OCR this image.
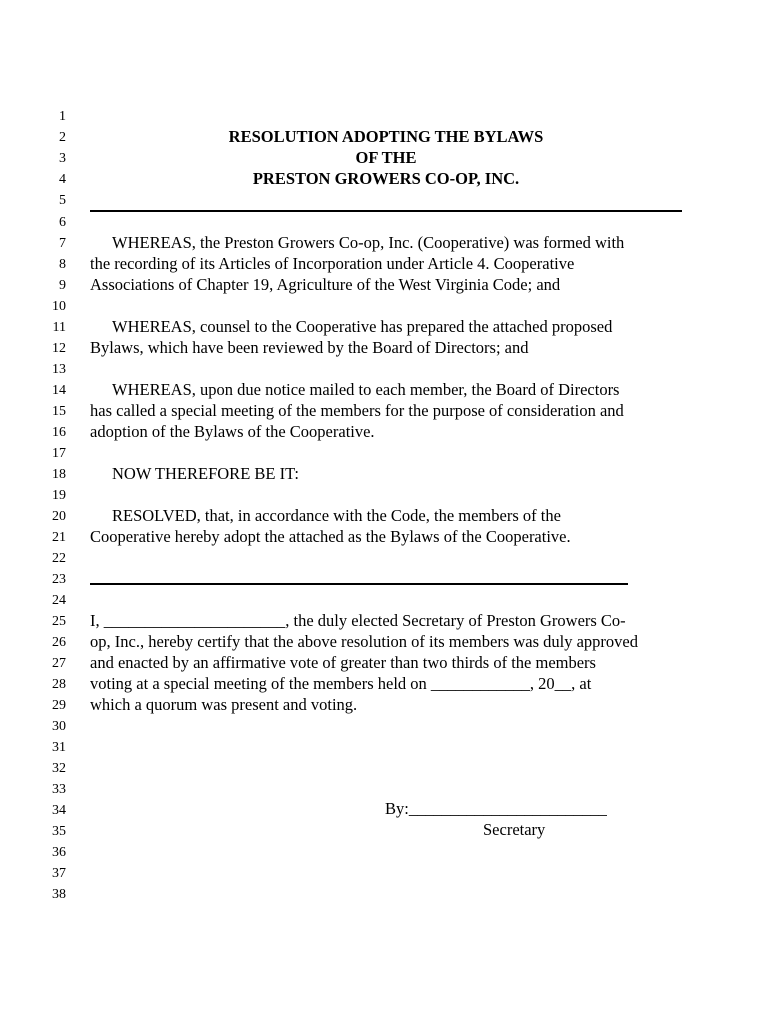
1
2
3
4
5
6
7
8
9
10
11
12
13
14
15
16
17
18
19
20
21
22
23
24
25
26
27
28
29
30
31
32
33
34
35
36
37
38
RESOLUTION ADOPTING THE BYLAWS
OF THE
PRESTON GROWERS CO-OP, INC.
WHEREAS, the Preston Growers Co-op, Inc. (Cooperative) was formed with
the recording of its Articles of Incorporation under Article 4. Cooperative
Associations of Chapter 19, Agriculture of the West Virginia Code; and
WHEREAS, counsel to the Cooperative has prepared the attached proposed
Bylaws, which have been reviewed by the Board of Directors; and
WHEREAS, upon due notice mailed to each member, the Board of Directors
has called a special meeting of the members for the purpose of consideration and
adoption of the Bylaws of the Cooperative.
NOW THEREFORE BE IT:
RESOLVED, that, in accordance with the Code, the members of the
Cooperative hereby adopt the attached as the Bylaws of the Cooperative.
I, ______________________, the duly elected Secretary of Preston Growers Co-
op, Inc., hereby certify that the above resolution of its members was duly approved
and enacted by an affirmative vote of greater than two thirds of the members
voting at a special meeting of the members held on ____________, 20__, at
which a quorum was present and voting.
By:________________________
Secretary
